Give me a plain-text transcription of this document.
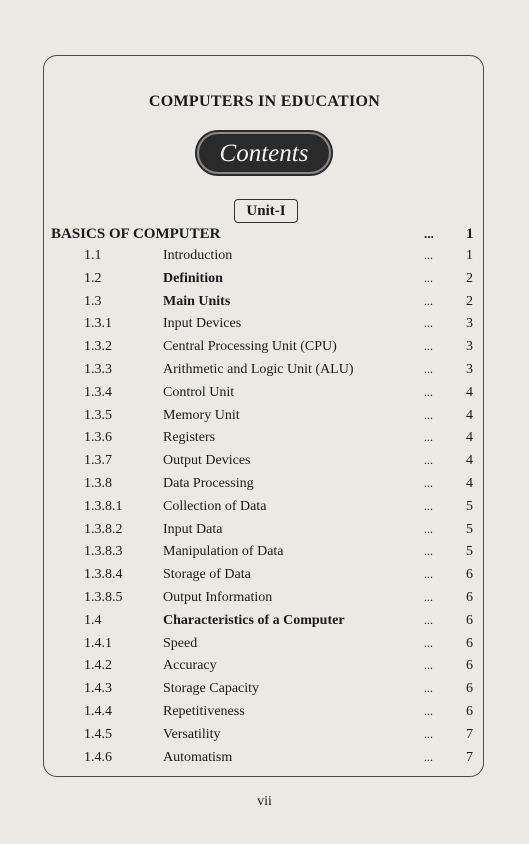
COMPUTERS IN EDUCATION
Contents
Unit-I
BASICS OF COMPUTER	... 1
1.1	Introduction	... 1
1.2	Definition	... 2
1.3	Main Units	... 2
1.3.1	Input Devices	... 3
1.3.2	Central Processing Unit (CPU)	... 3
1.3.3	Arithmetic and Logic Unit (ALU)	... 3
1.3.4	Control Unit	... 4
1.3.5	Memory Unit	... 4
1.3.6	Registers	... 4
1.3.7	Output Devices	... 4
1.3.8	Data Processing	... 4
1.3.8.1	Collection of Data	... 5
1.3.8.2	Input Data	... 5
1.3.8.3	Manipulation of Data	... 5
1.3.8.4	Storage of Data	... 6
1.3.8.5	Output Information	... 6
1.4	Characteristics of a Computer	... 6
1.4.1	Speed	... 6
1.4.2	Accuracy	... 6
1.4.3	Storage Capacity	... 6
1.4.4	Repetitiveness	... 6
1.4.5	Versatility	... 7
1.4.6	Automatism	... 7
vii
